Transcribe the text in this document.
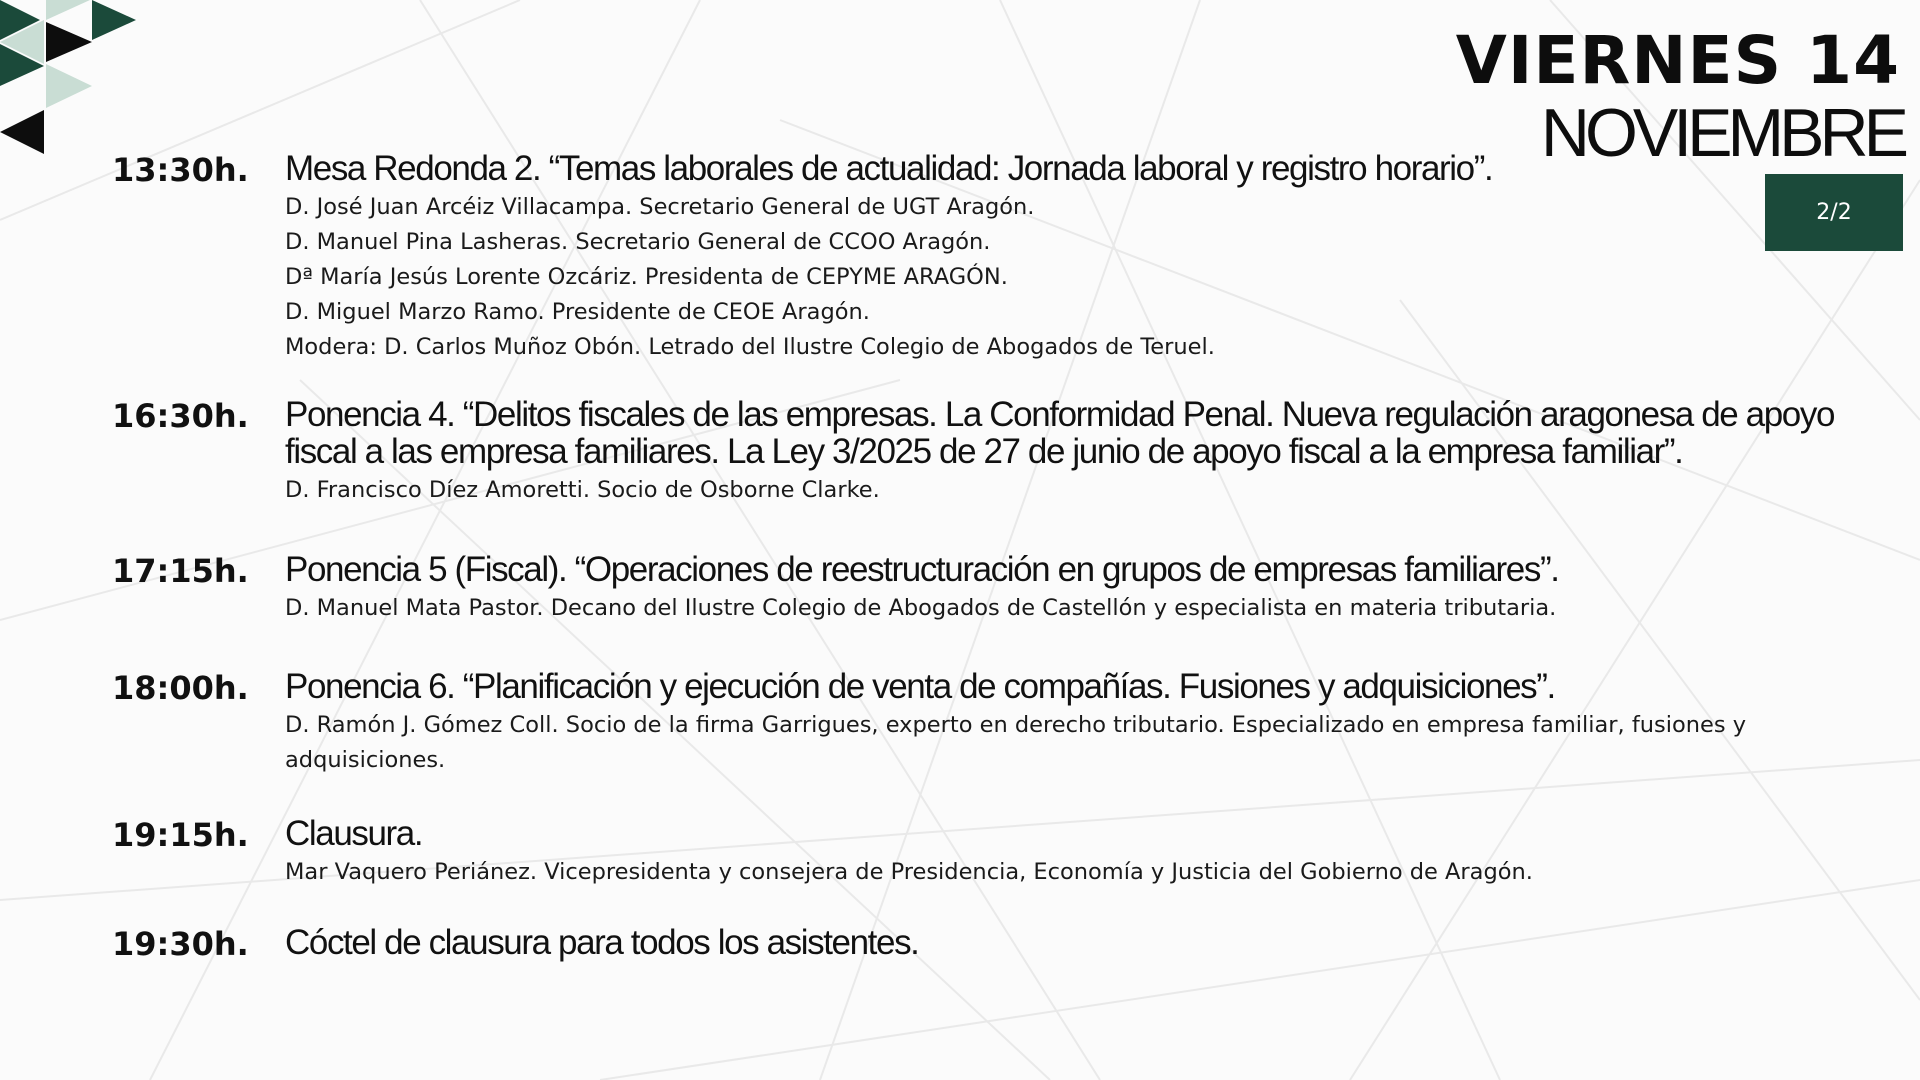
VIERNES 14
NOVIEMBRE
2/2
13:30h. Mesa Redonda 2. “Temas laborales de actualidad: Jornada laboral y registro horario”.
D. José Juan Arcéiz Villacampa. Secretario General de UGT Aragón.
D. Manuel Pina Lasheras. Secretario General de CCOO Aragón.
Dª María Jesús Lorente Ozcáriz. Presidenta de CEPYME ARAGÓN.
D. Miguel Marzo Ramo. Presidente de CEOE Aragón.
Modera: D. Carlos Muñoz Obón. Letrado del Ilustre Colegio de Abogados de Teruel.
16:30h. Ponencia 4. “Delitos fiscales de las empresas. La Conformidad Penal. Nueva regulación aragonesa de apoyo fiscal a las empresa familiares. La Ley 3/2025 de 27 de junio de apoyo fiscal a la empresa familiar”.
D. Francisco Díez Amoretti. Socio de Osborne Clarke.
17:15h. Ponencia 5 (Fiscal). “Operaciones de reestructuración en grupos de empresas familiares”.
D. Manuel Mata Pastor. Decano del Ilustre Colegio de Abogados de Castellón y especialista en materia tributaria.
18:00h. Ponencia 6. “Planificación y ejecución de venta de compañías. Fusiones y adquisiciones”.
D. Ramón J. Gómez Coll. Socio de la firma Garrigues, experto en derecho tributario. Especializado en empresa familiar, fusiones y adquisiciones.
19:15h. Clausura.
Mar Vaquero Periánez. Vicepresidenta y consejera de Presidencia, Economía y Justicia del Gobierno de Aragón.
19:30h. Cóctel de clausura para todos los asistentes.
